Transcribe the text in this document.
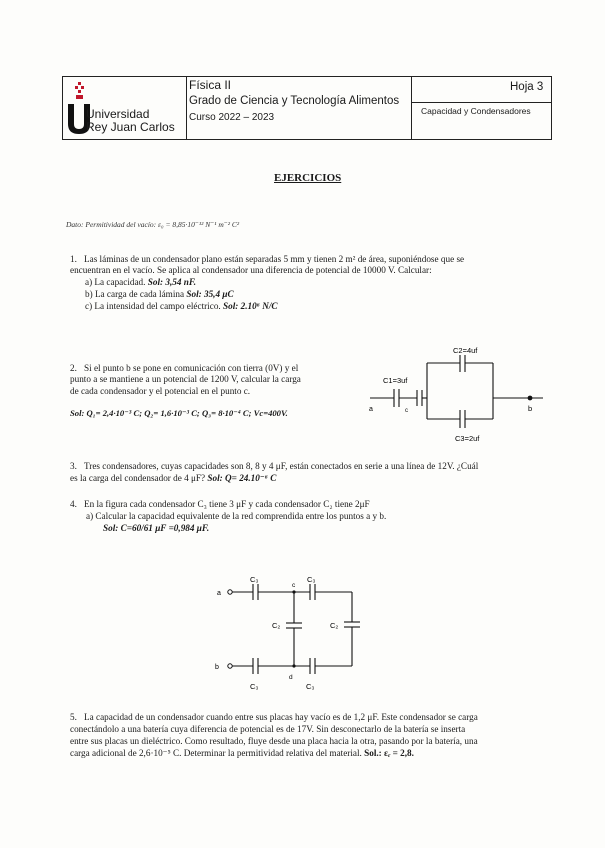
Universidad
Rey Juan Carlos
Física II
Grado de Ciencia y Tecnología Alimentos
Curso 2022 – 2023
Hoja 3
Capacidad y Condensadores
EJERCICIOS
Dato: Permitividad del vacío: ε₀ = 8,85·10⁻¹² N⁻¹ m⁻² C²
1. Las láminas de un condensador plano están separadas 5 mm y tienen 2 m² de área, suponiéndose que se
encuentran en el vacío. Se aplica al condensador una diferencia de potencial de 10000 V. Calcular:
a) La capacidad. Sol: 3,54 nF.
b) La carga de cada lámina Sol: 35,4 μC
c) La intensidad del campo eléctrico. Sol: 2.10⁶ N/C
2. Si el punto b se pone en comunicación con tierra (0V) y el
punto a se mantiene a un potencial de 1200 V, calcular la carga
de cada condensador y el potencial en el punto c.
Sol: Q₁= 2,4·10⁻³ C; Q₂= 1,6·10⁻³ C; Q₃= 8·10⁻⁴ C; Vc=400V.
C2=4uf
C1=3uf
C3=2uf
a	c	b
3. Tres condensadores, cuyas capacidades son 8, 8 y 4 μF, están conectados en serie a una línea de 12V. ¿Cuál
es la carga del condensador de 4 μF? Sol: Q= 24.10⁻⁶ C
4. En la figura cada condensador C₃ tiene 3 μF y cada condensador C₂ tiene 2μF
a) Calcular la capacidad equivalente de la red comprendida entre los puntos a y b.
Sol: C=60/61 μF =0,984 μF.
a
b
C₃	C₃
c
C₂	C₂
d
C₃	C₃
5. La capacidad de un condensador cuando entre sus placas hay vacío es de 1,2 μF. Este condensador se carga
conectándolo a una batería cuya diferencia de potencial es de 17V. Sin desconectarlo de la batería se inserta
entre sus placas un dieléctrico. Como resultado, fluye desde una placa hacia la otra, pasando por la batería, una
carga adicional de 2,6·10⁻⁵ C. Determinar la permitividad relativa del material. Sol.: εᵣ = 2,8.
